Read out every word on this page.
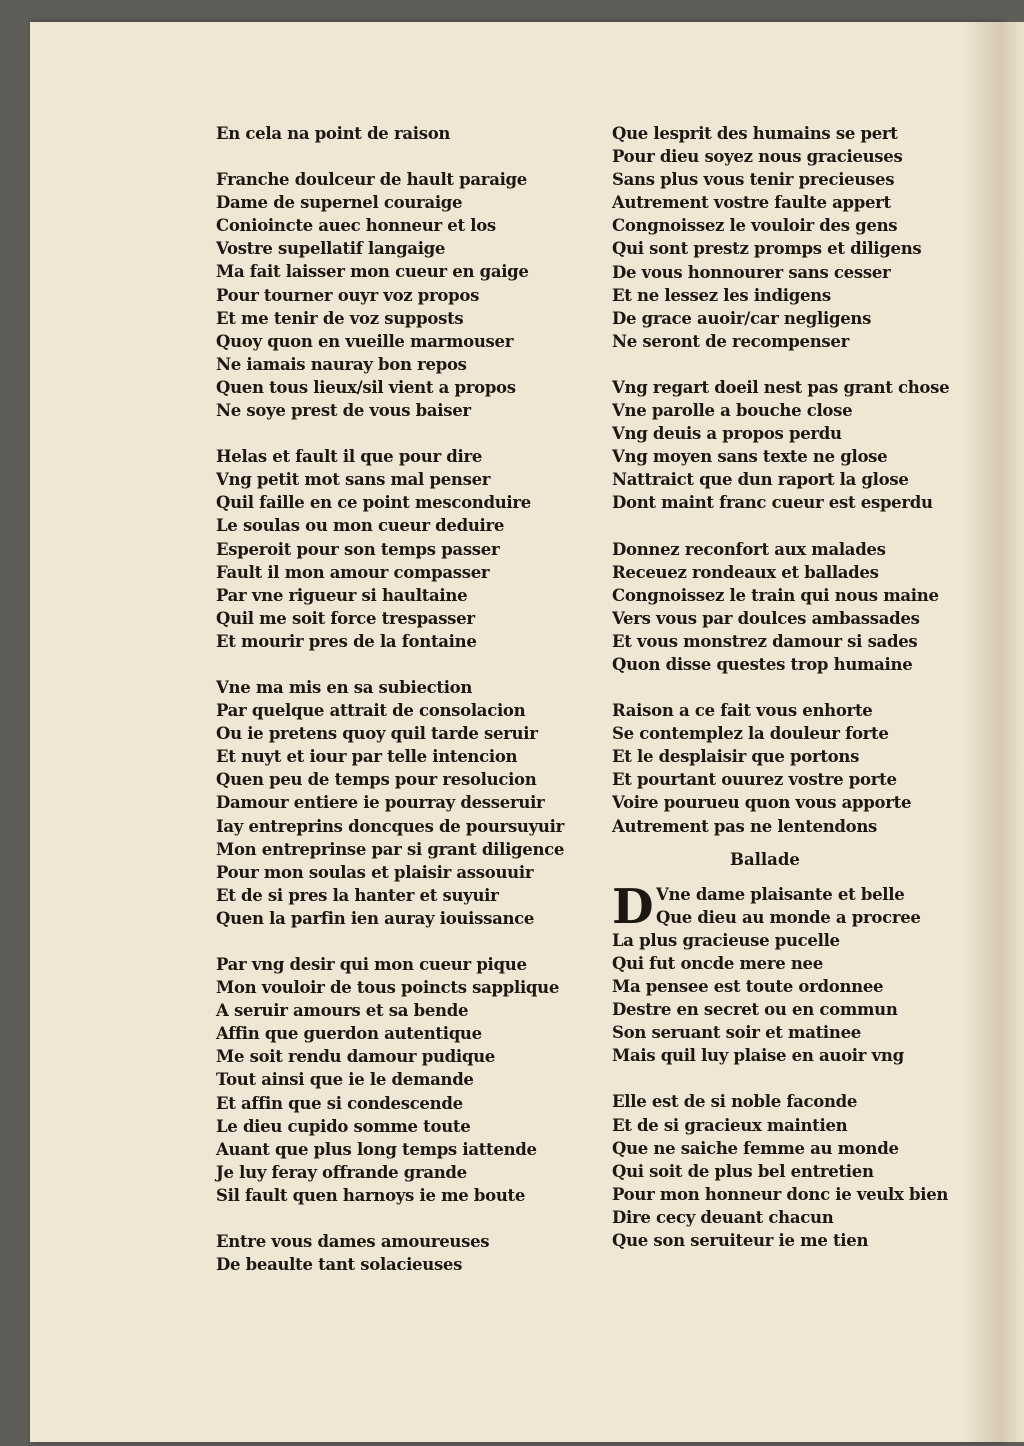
En cela na point de raison
Franche doulceur de hault paraige
Dame de supernel couraige
Conioincte auec honneur et los
Vostre supellatif langaige
Ma fait laisser mon cueur en gaige
Pour tourner ouyr voz propos
Et me tenir de voz supposts
Quoy quon en vueille marmouser
Ne iamais nauray bon repos
Quen tous lieux/sil vient a propos
Ne soye prest de vous baiser
Helas et fault il que pour dire
Vng petit mot sans mal penser
Quil faille en ce point mesconduire
Le soulas ou mon cueur deduire
Esperoit pour son temps passer
Fault il mon amour compasser
Par vne rigueur si haultaine
Quil me soit force trespasser
Et mourir pres de la fontaine
Vne ma mis en sa subiection
Par quelque attrait de consolacion
Ou ie pretens quoy quil tarde seruir
Et nuyt et iour par telle intencion
Quen peu de temps pour resolucion
Damour entiere ie pourray desseruir
Iay entreprins doncques de poursuyuir
Mon entreprinse par si grant diligence
Pour mon soulas et plaisir assouuir
Et de si pres la hanter et suyuir
Quen la parfin ien auray iouissance
Par vng desir qui mon cueur pique
Mon vouloir de tous poincts sapplique
A seruir amours et sa bende
Affin que guerdon autentique
Me soit rendu damour pudique
Tout ainsi que ie le demande
Et affin que si condescende
Le dieu cupido somme toute
Auant que plus long temps iattende
Je luy feray offrande grande
Sil fault quen harnoys ie me boute
Entre vous dames amoureuses
De beaulte tant solacieuses
Que lesprit des humains se pert
Pour dieu soyez nous gracieuses
Sans plus vous tenir precieuses
Autrement vostre faulte appert
Congnoissez le vouloir des gens
Qui sont prestz promps et diligens
De vous honnourer sans cesser
Et ne lessez les indigens
De grace auoir/car negligens
Ne seront de recompenser
Vng regart doeil nest pas grant chose
Vne parolle a bouche close
Vng deuis a propos perdu
Vng moyen sans texte ne glose
Nattraict que dun raport la glose
Dont maint franc cueur est esperdu
Donnez reconfort aux malades
Receuez rondeaux et ballades
Congnoissez le train qui nous maine
Vers vous par doulces ambassades
Et vous monstrez damour si sades
Quon disse questes trop humaine
Raison a ce fait vous enhorte
Se contemplez la douleur forte
Et le desplaisir que portons
Et pourtant ouurez vostre porte
Voire pourueu quon vous apporte
Autrement pas ne lentendons
Ballade
D Vne dame plaisante et belle
Que dieu au monde a procree
La plus gracieuse pucelle
Qui fut oncde mere nee
Ma pensee est toute ordonnee
Destre en secret ou en commun
Son seruant soir et matinee
Mais quil luy plaise en auoir vng
Elle est de si noble faconde
Et de si gracieux maintien
Que ne saiche femme au monde
Qui soit de plus bel entretien
Pour mon honneur donc ie veulx bien
Dire cecy deuant chacun
Que son seruiteur ie me tien
